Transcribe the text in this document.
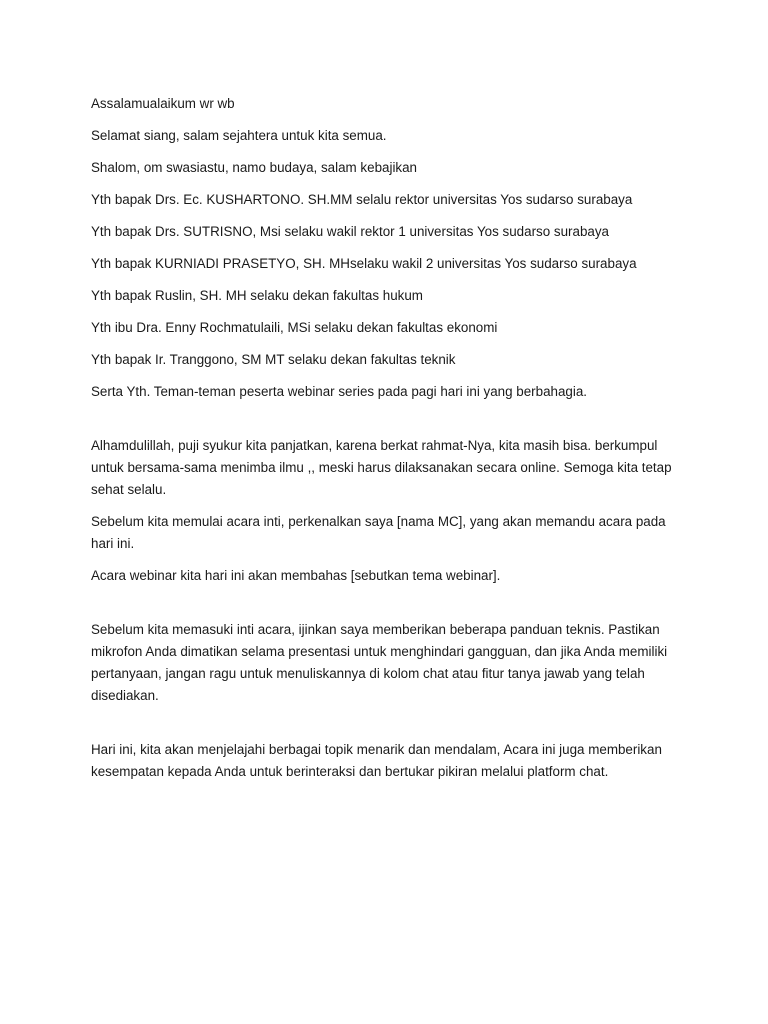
Assalamualaikum wr wb

Selamat siang, salam sejahtera untuk kita semua.

Shalom, om swasiastu, namo budaya, salam kebajikan

Yth bapak Drs. Ec. KUSHARTONO. SH.MM selalu rektor universitas Yos sudarso surabaya

Yth bapak Drs. SUTRISNO, Msi selaku wakil rektor 1 universitas Yos sudarso surabaya

Yth bapak KURNIADI PRASETYO, SH. MHselaku wakil 2 universitas Yos sudarso surabaya

Yth bapak Ruslin, SH. MH selaku dekan fakultas hukum

Yth ibu Dra. Enny Rochmatulaili, MSi selaku dekan fakultas ekonomi

Yth bapak Ir. Tranggono, SM MT selaku dekan fakultas teknik

Serta Yth. Teman-teman peserta webinar series pada pagi hari ini yang berbahagia.

Alhamdulillah, puji syukur kita panjatkan, karena berkat rahmat-Nya, kita masih bisa. berkumpul untuk bersama-sama menimba ilmu ,, meski harus dilaksanakan secara online. Semoga kita tetap sehat selalu.

Sebelum kita memulai acara inti, perkenalkan saya [nama MC], yang akan memandu acara pada hari ini.

Acara webinar kita hari ini akan membahas [sebutkan tema webinar].

Sebelum kita memasuki inti acara, ijinkan saya memberikan beberapa panduan teknis. Pastikan mikrofon Anda dimatikan selama presentasi untuk menghindari gangguan, dan jika Anda memiliki pertanyaan, jangan ragu untuk menuliskannya di kolom chat atau fitur tanya jawab yang telah disediakan.

Hari ini, kita akan menjelajahi berbagai topik menarik dan mendalam, Acara ini juga memberikan kesempatan kepada Anda untuk berinteraksi dan bertukar pikiran melalui platform chat.
